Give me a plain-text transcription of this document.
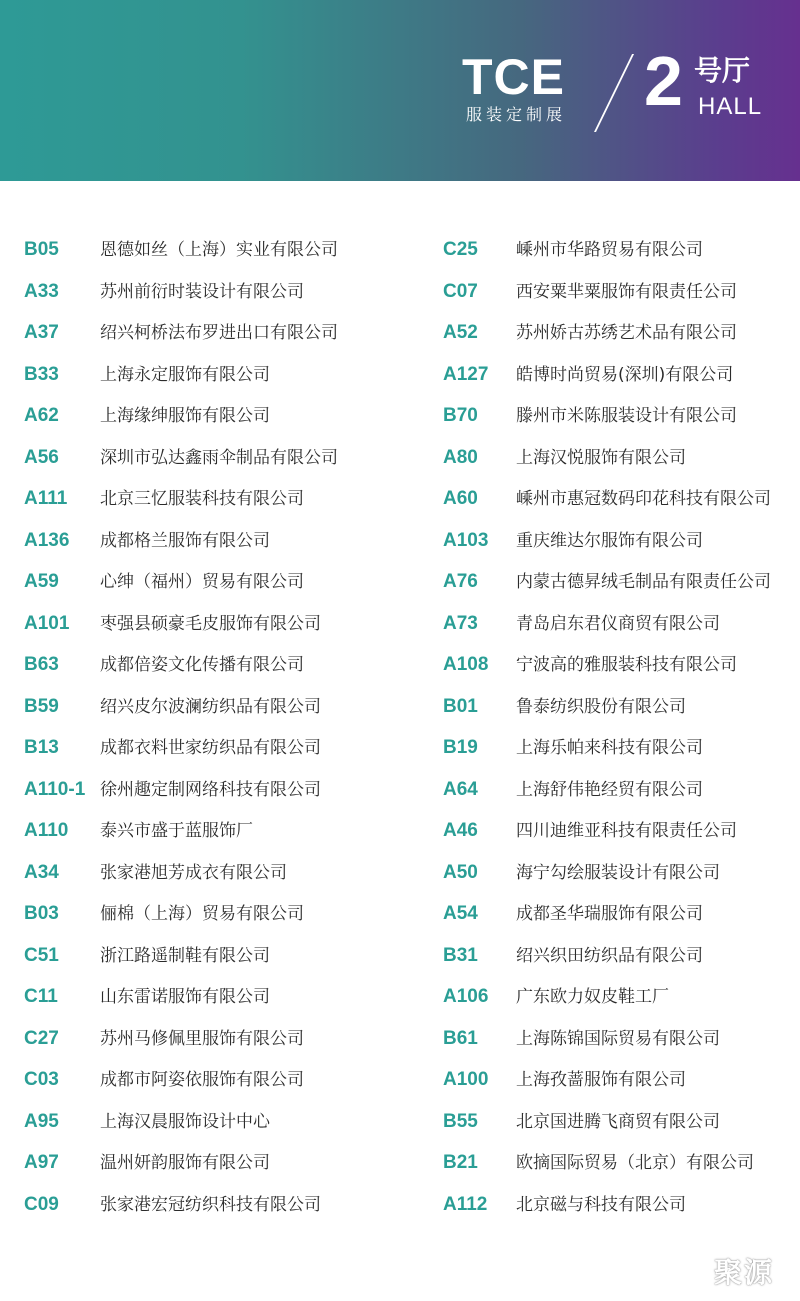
TCE
服装定制展 2 号厅
HALL
B05 恩德如丝（上海）实业有限公司
A33 苏州前衍时装设计有限公司
A37 绍兴柯桥法布罗进出口有限公司
B33 上海永定服饰有限公司
A62 上海缘绅服饰有限公司
A56 深圳市弘达鑫雨伞制品有限公司
A111 北京三忆服装科技有限公司
A136 成都格兰服饰有限公司
A59 心绅（福州）贸易有限公司
A101 枣强县硕豪毛皮服饰有限公司
B63 成都倍姿文化传播有限公司
B59 绍兴皮尔波澜纺织品有限公司
B13 成都衣料世家纺织品有限公司
A110-1 徐州趣定制网络科技有限公司
A110 泰兴市盛于蓝服饰厂
A34 张家港旭芳成衣有限公司
B03 俪棉（上海）贸易有限公司
C51 浙江路遥制鞋有限公司
C11 山东雷诺服饰有限公司
C27 苏州马修佩里服饰有限公司
C03 成都市阿姿依服饰有限公司
A95 上海汉晨服饰设计中心
A97 温州妍韵服饰有限公司
C09 张家港宏冠纺织科技有限公司
C25 嵊州市华路贸易有限公司
C07 西安粟芈粟服饰有限责任公司
A52 苏州娇古苏绣艺术品有限公司
A127 皓博时尚贸易(深圳)有限公司
B70 滕州市米陈服装设计有限公司
A80 上海汉悦服饰有限公司
A60 嵊州市惠冠数码印花科技有限公司
A103 重庆维达尔服饰有限公司
A76 内蒙古德昇绒毛制品有限责任公司
A73 青岛启东君仪商贸有限公司
A108 宁波高的雅服装科技有限公司
B01 鲁泰纺织股份有限公司
B19 上海乐帕来科技有限公司
A64 上海舒伟艳经贸有限公司
A46 四川迪维亚科技有限责任公司
A50 海宁勾绘服装设计有限公司
A54 成都圣华瑞服饰有限公司
B31 绍兴织田纺织品有限公司
A106 广东欧力奴皮鞋工厂
B61 上海陈锦国际贸易有限公司
A100 上海孜蔷服饰有限公司
B55 北京国进腾飞商贸有限公司
B21 欧摘国际贸易（北京）有限公司
A112 北京磁与科技有限公司
聚源
